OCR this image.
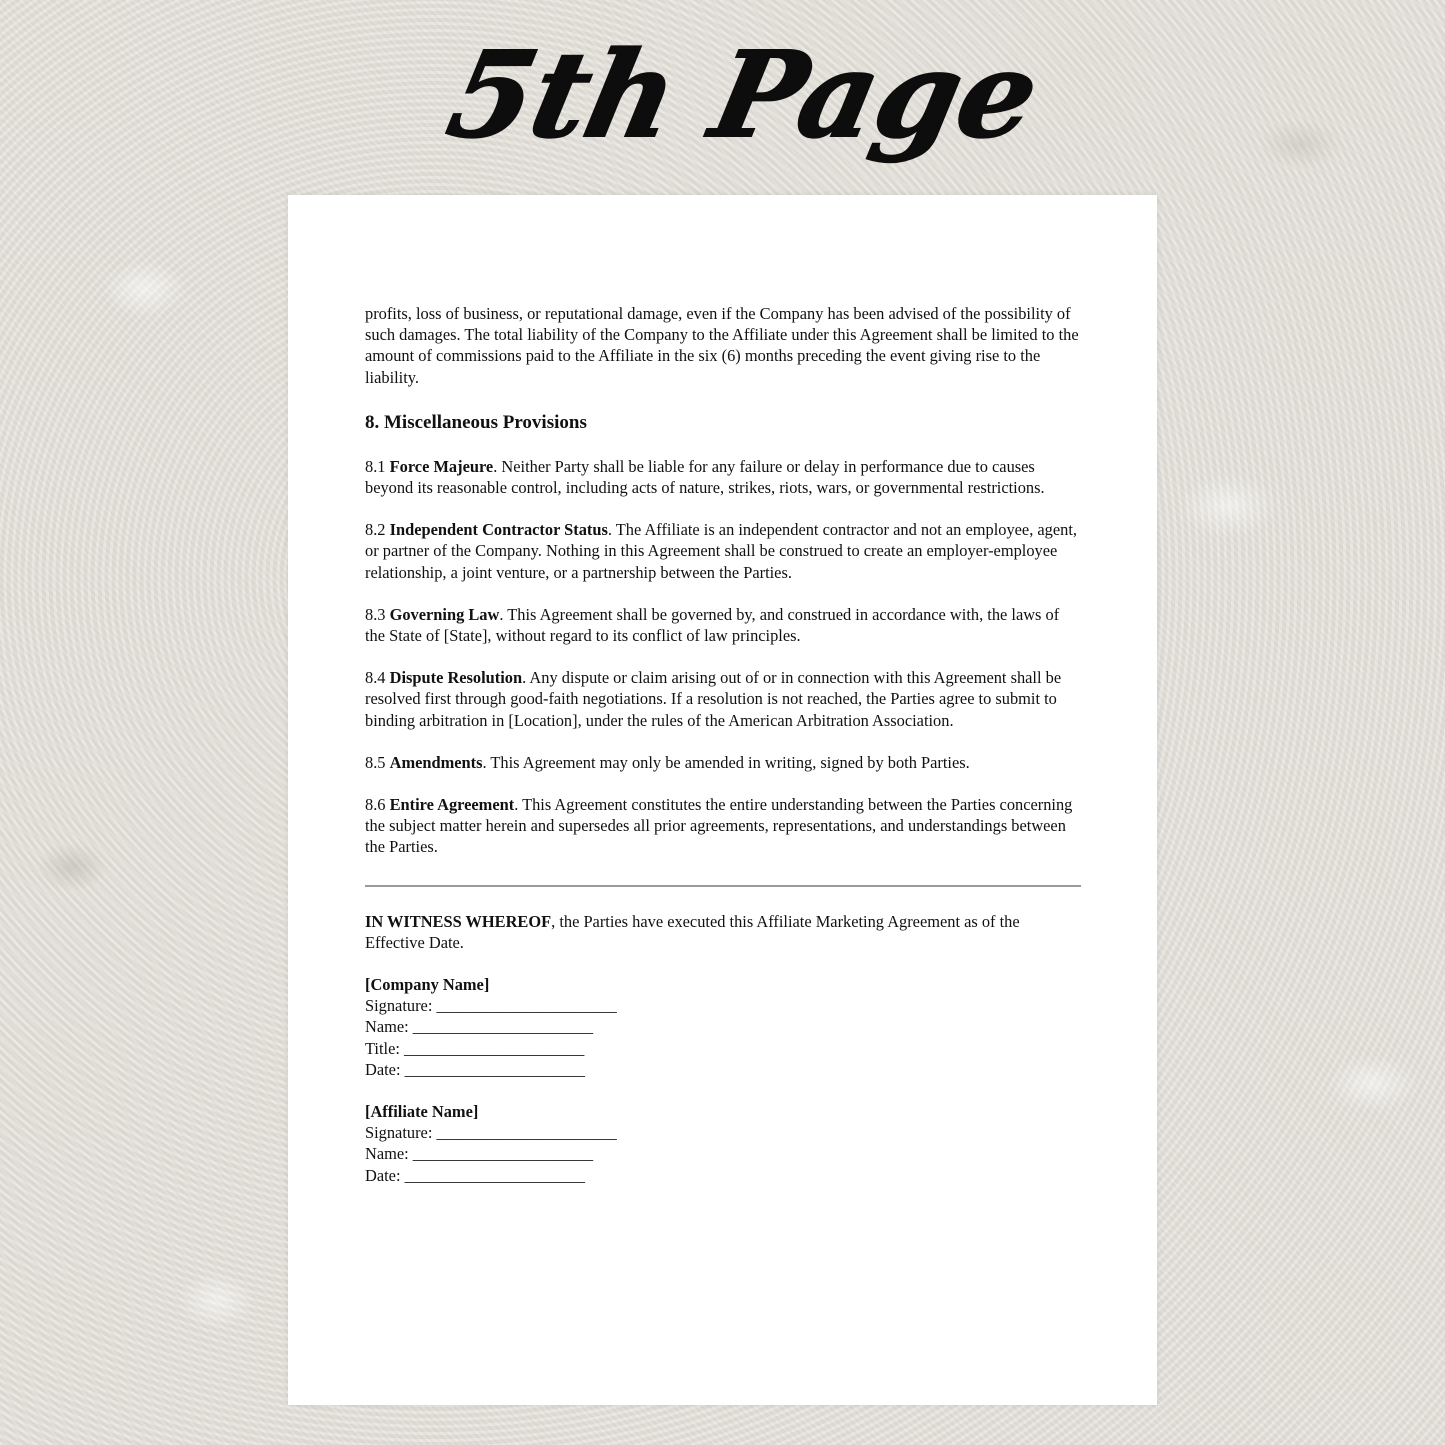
5th Page

profits, loss of business, or reputational damage, even if the Company has been advised of the possibility of such damages. The total liability of the Company to the Affiliate under this Agreement shall be limited to the amount of commissions paid to the Affiliate in the six (6) months preceding the event giving rise to the liability.

8. Miscellaneous Provisions

8.1 Force Majeure. Neither Party shall be liable for any failure or delay in performance due to causes beyond its reasonable control, including acts of nature, strikes, riots, wars, or governmental restrictions.

8.2 Independent Contractor Status. The Affiliate is an independent contractor and not an employee, agent, or partner of the Company. Nothing in this Agreement shall be construed to create an employer-employee relationship, a joint venture, or a partnership between the Parties.

8.3 Governing Law. This Agreement shall be governed by, and construed in accordance with, the laws of the State of [State], without regard to its conflict of law principles.

8.4 Dispute Resolution. Any dispute or claim arising out of or in connection with this Agreement shall be resolved first through good-faith negotiations. If a resolution is not reached, the Parties agree to submit to binding arbitration in [Location], under the rules of the American Arbitration Association.

8.5 Amendments. This Agreement may only be amended in writing, signed by both Parties.

8.6 Entire Agreement. This Agreement constitutes the entire understanding between the Parties concerning the subject matter herein and supersedes all prior agreements, representations, and understandings between the Parties.

IN WITNESS WHEREOF, the Parties have executed this Affiliate Marketing Agreement as of the Effective Date.

[Company Name]
Signature: ______________________
Name: ______________________
Title: ______________________
Date: ______________________
[Affiliate Name]
Signature: ______________________
Name: ______________________
Date: ______________________
